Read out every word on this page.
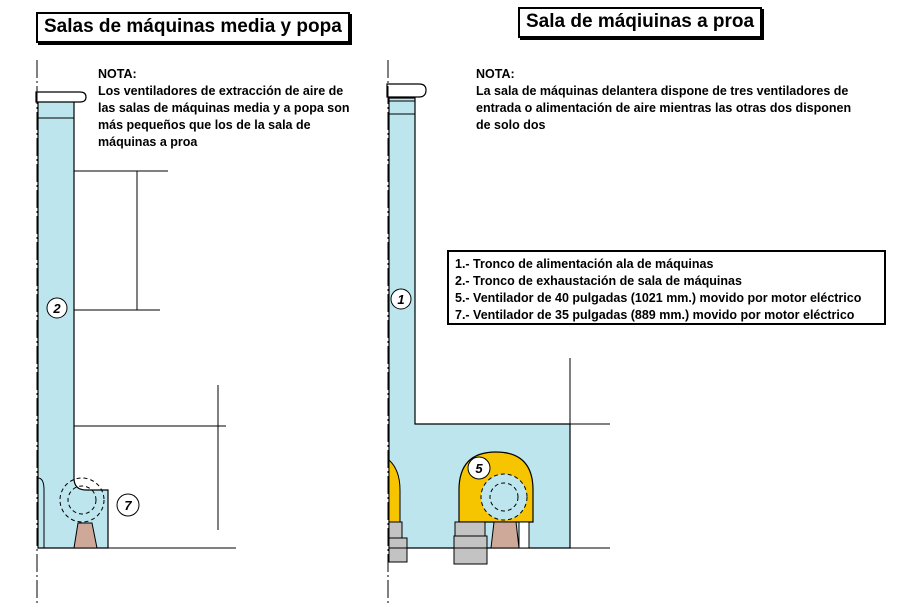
2
7
1
5
Salas de máquinas media y popa	Sala de máqiuinas a proa
NOTA:
Los ventiladores de extracción de aire de
las salas de máquinas media y a popa son
más pequeños que los de la sala de
máquinas a proa
NOTA:
La sala de máquinas delantera dispone de tres ventiladores de
entrada o alimentación de aire mientras las otras dos disponen
de solo dos
1.- Tronco de alimentación ala de máquinas
2.- Tronco de exhaustación de sala de máquinas
5.- Ventilador de 40 pulgadas (1021 mm.) movido por motor eléctrico
7.- Ventilador de 35 pulgadas (889 mm.) movido por motor eléctrico
